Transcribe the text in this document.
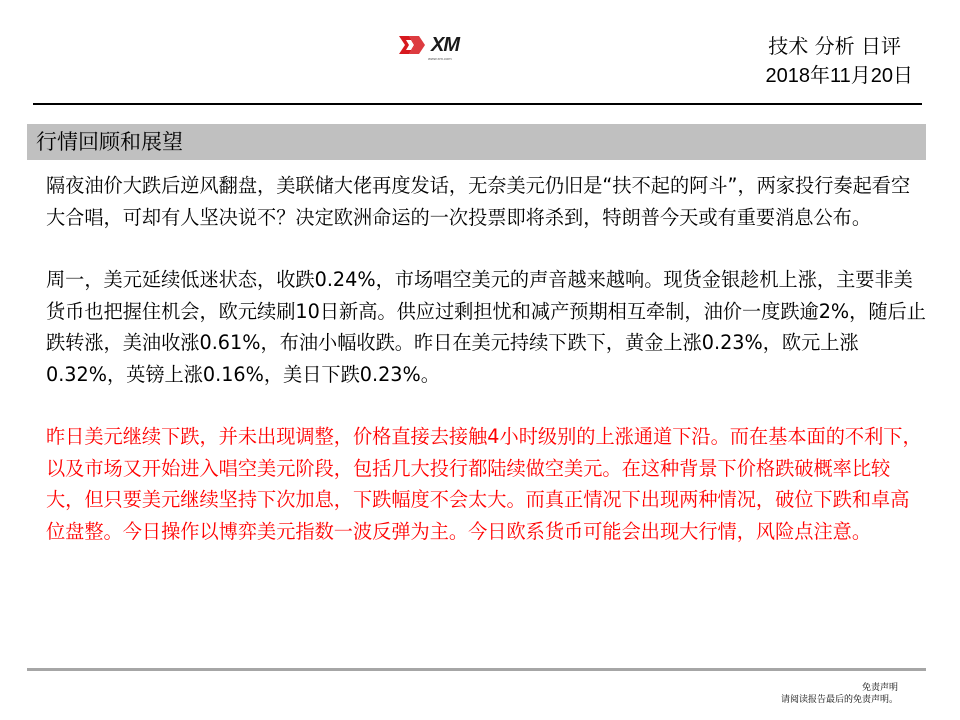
XM
www.xm.com
技术 分析 日评
2018年11月20日
行情回顾和展望

隔夜油价大跌后逆风翻盘，美联储大佬再度发话，无奈美元仍旧是“扶不起的阿斗”，两家投行奏起看空大合唱，可却有人坚决说不？决定欧洲命运的一次投票即将杀到，特朗普今天或有重要消息公布。

周一，美元延续低迷状态，收跌0.24%，市场唱空美元的声音越来越响。现货金银趁机上涨，主要非美货币也把握住机会，欧元续刷10日新高。供应过剩担忧和减产预期相互牵制，油价一度跌逾2%，随后止跌转涨，美油收涨0.61%，布油小幅收跌。昨日在美元持续下跌下，黄金上涨0.23%，欧元上涨0.32%，英镑上涨0.16%，美日下跌0.23%。

昨日美元继续下跌，并未出现调整，价格直接去接触4小时级别的上涨通道下沿。而在基本面的不利下，以及市场又开始进入唱空美元阶段，包括几大投行都陆续做空美元。在这种背景下价格跌破概率比较大，但只要美元继续坚持下次加息，下跌幅度不会太大。而真正情况下出现两种情况，破位下跌和卓高位盘整。今日操作以博弈美元指数一波反弹为主。今日欧系货币可能会出现大行情，风险点注意。

免责声明
请阅读报告最后的免责声明。
